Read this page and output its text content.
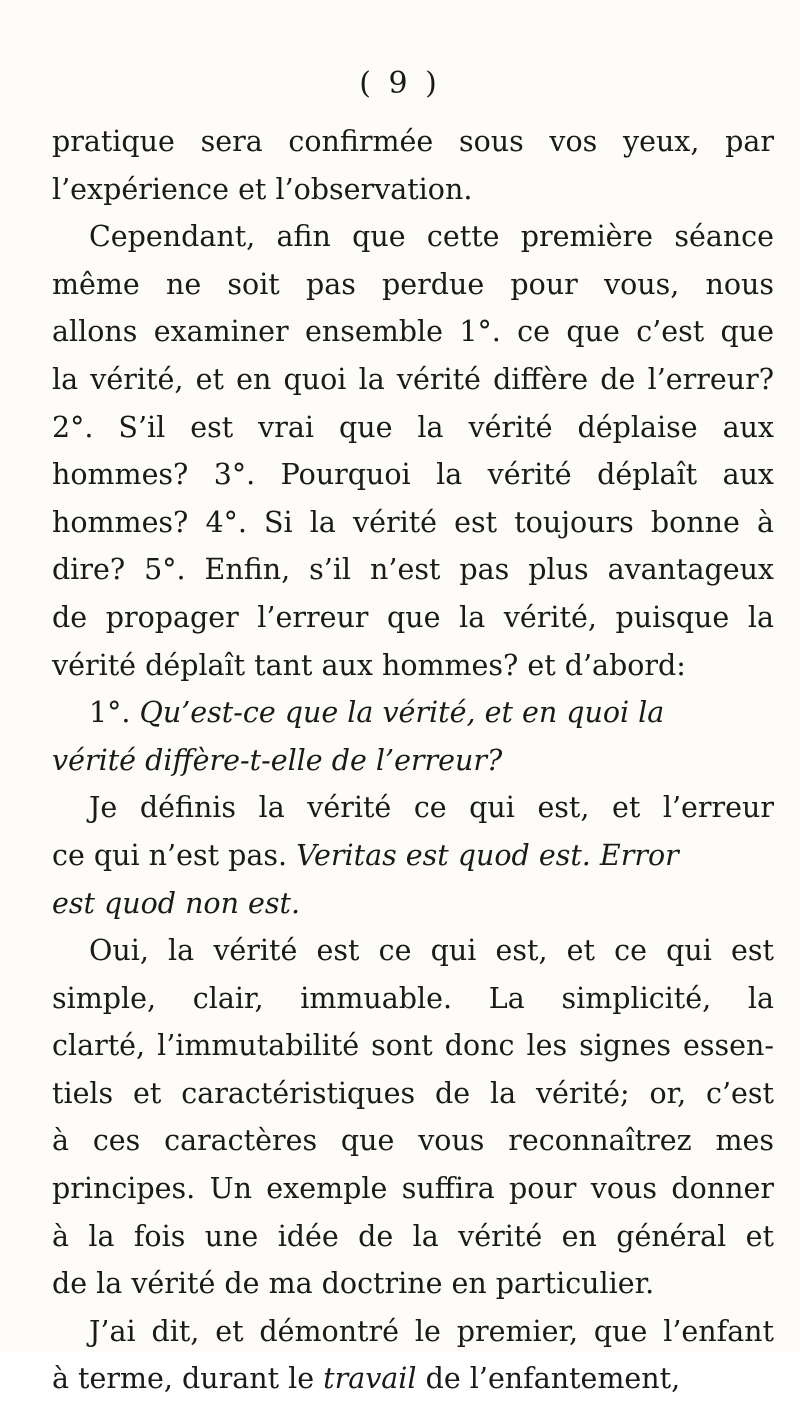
( 9 )
pratique sera confirmée sous vos yeux, par
l’expérience et l’observation.
Cependant, afin que cette première séance
même ne soit pas perdue pour vous, nous
allons examiner ensemble 1°. ce que c’est que
la vérité, et en quoi la vérité diffère de l’erreur?
2°. S’il est vrai que la vérité déplaise aux
hommes? 3°. Pourquoi la vérité déplaît aux
hommes? 4°. Si la vérité est toujours bonne à
dire? 5°. Enfin, s’il n’est pas plus avantageux
de propager l’erreur que la vérité, puisque la
vérité déplaît tant aux hommes? et d’abord:
1°. Qu’est-ce que la vérité, et en quoi la
vérité diffère-t-elle de l’erreur?
Je définis la vérité ce qui est, et l’erreur
ce qui n’est pas. Veritas est quod est. Error
est quod non est.
Oui, la vérité est ce qui est, et ce qui est
simple, clair, immuable. La simplicité, la
clarté, l’immutabilité sont donc les signes essen-
tiels et caractéristiques de la vérité; or, c’est
à ces caractères que vous reconnaîtrez mes
principes. Un exemple suffira pour vous donner
à la fois une idée de la vérité en général et
de la vérité de ma doctrine en particulier.
J’ai dit, et démontré le premier, que l’enfant
à terme, durant le travail de l’enfantement,
